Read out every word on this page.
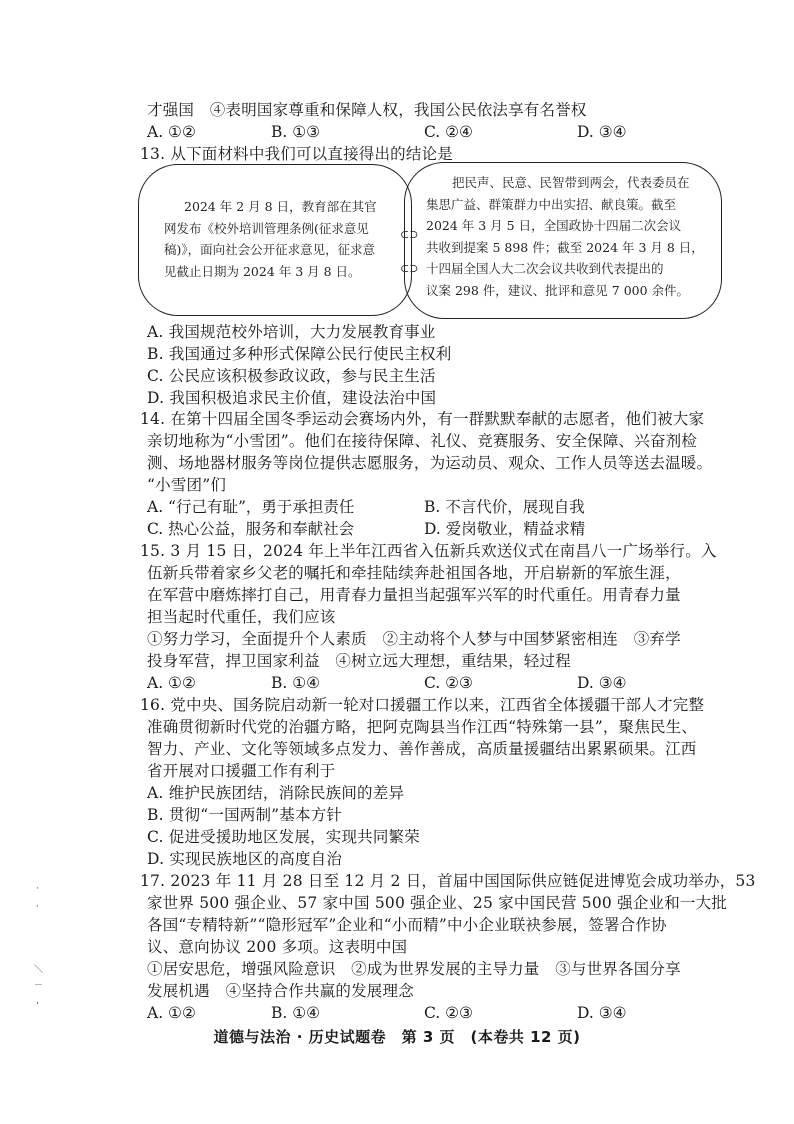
才强国　④表明国家尊重和保障人权，我国公民依法享有名誉权
A. ①②	B. ①③	C. ②④	D. ③④
13. 从下面材料中我们可以直接得出的结论是
⊂⊃
⊂⊃
2024 年 2 月 8 日，教育部在其官
网发布《校外培训管理条例(征求意见
稿)》，面向社会公开征求意见，征求意
见截止日期为 2024 年 3 月 8 日。
把民声、民意、民智带到两会，代表委员在
集思广益、群策群力中出实招、献良策。截至
2024 年 3 月 5 日，全国政协十四届二次会议
共收到提案 5 898 件；截至 2024 年 3 月 8 日，
十四届全国人大二次会议共收到代表提出的
议案 298 件，建议、批评和意见 7 000 余件。
A. 我国规范校外培训，大力发展教育事业
B. 我国通过多种形式保障公民行使民主权利
C. 公民应该积极参政议政，参与民主生活
D. 我国积极追求民主价值，建设法治中国
14. 在第十四届全国冬季运动会赛场内外，有一群默默奉献的志愿者，他们被大家
亲切地称为“小雪团”。他们在接待保障、礼仪、竞赛服务、安全保障、兴奋剂检
测、场地器材服务等岗位提供志愿服务，为运动员、观众、工作人员等送去温暖。
“小雪团”们
A. “行己有耻”，勇于承担责任	B. 不言代价，展现自我
C. 热心公益，服务和奉献社会	D. 爱岗敬业，精益求精
15. 3 月 15 日，2024 年上半年江西省入伍新兵欢送仪式在南昌八一广场举行。入
伍新兵带着家乡父老的嘱托和牵挂陆续奔赴祖国各地，开启崭新的军旅生涯，
在军营中磨炼摔打自己，用青春力量担当起强军兴军的时代重任。用青春力量
担当起时代重任，我们应该
①努力学习，全面提升个人素质　②主动将个人梦与中国梦紧密相连　③弃学
投身军营，捍卫国家利益　④树立远大理想，重结果，轻过程
A. ①②	B. ①④	C. ②③	D. ③④
16. 党中央、国务院启动新一轮对口援疆工作以来，江西省全体援疆干部人才完整
准确贯彻新时代党的治疆方略，把阿克陶县当作江西“特殊第一县”，聚焦民生、
智力、产业、文化等领域多点发力、善作善成，高质量援疆结出累累硕果。江西
省开展对口援疆工作有利于
A. 维护民族团结，消除民族间的差异
B. 贯彻“一国两制”基本方针
C. 促进受援助地区发展，实现共同繁荣
D. 实现民族地区的高度自治
17. 2023 年 11 月 28 日至 12 月 2 日，首届中国国际供应链促进博览会成功举办，53
家世界 500 强企业、57 家中国 500 强企业、25 家中国民营 500 强企业和一大批
各国“专精特新”“隐形冠军”企业和“小而精”中小企业联袂参展，签署合作协
议、意向协议 200 多项。这表明中国
①居安思危，增强风险意识　②成为世界发展的主导力量　③与世界各国分享
发展机遇　④坚持合作共赢的发展理念
A. ①②	B. ①④	C. ②③	D. ③④
·
·
＼
－
‚
道德与法治 · 历史试题卷　第 3 页　(本卷共 12 页)
